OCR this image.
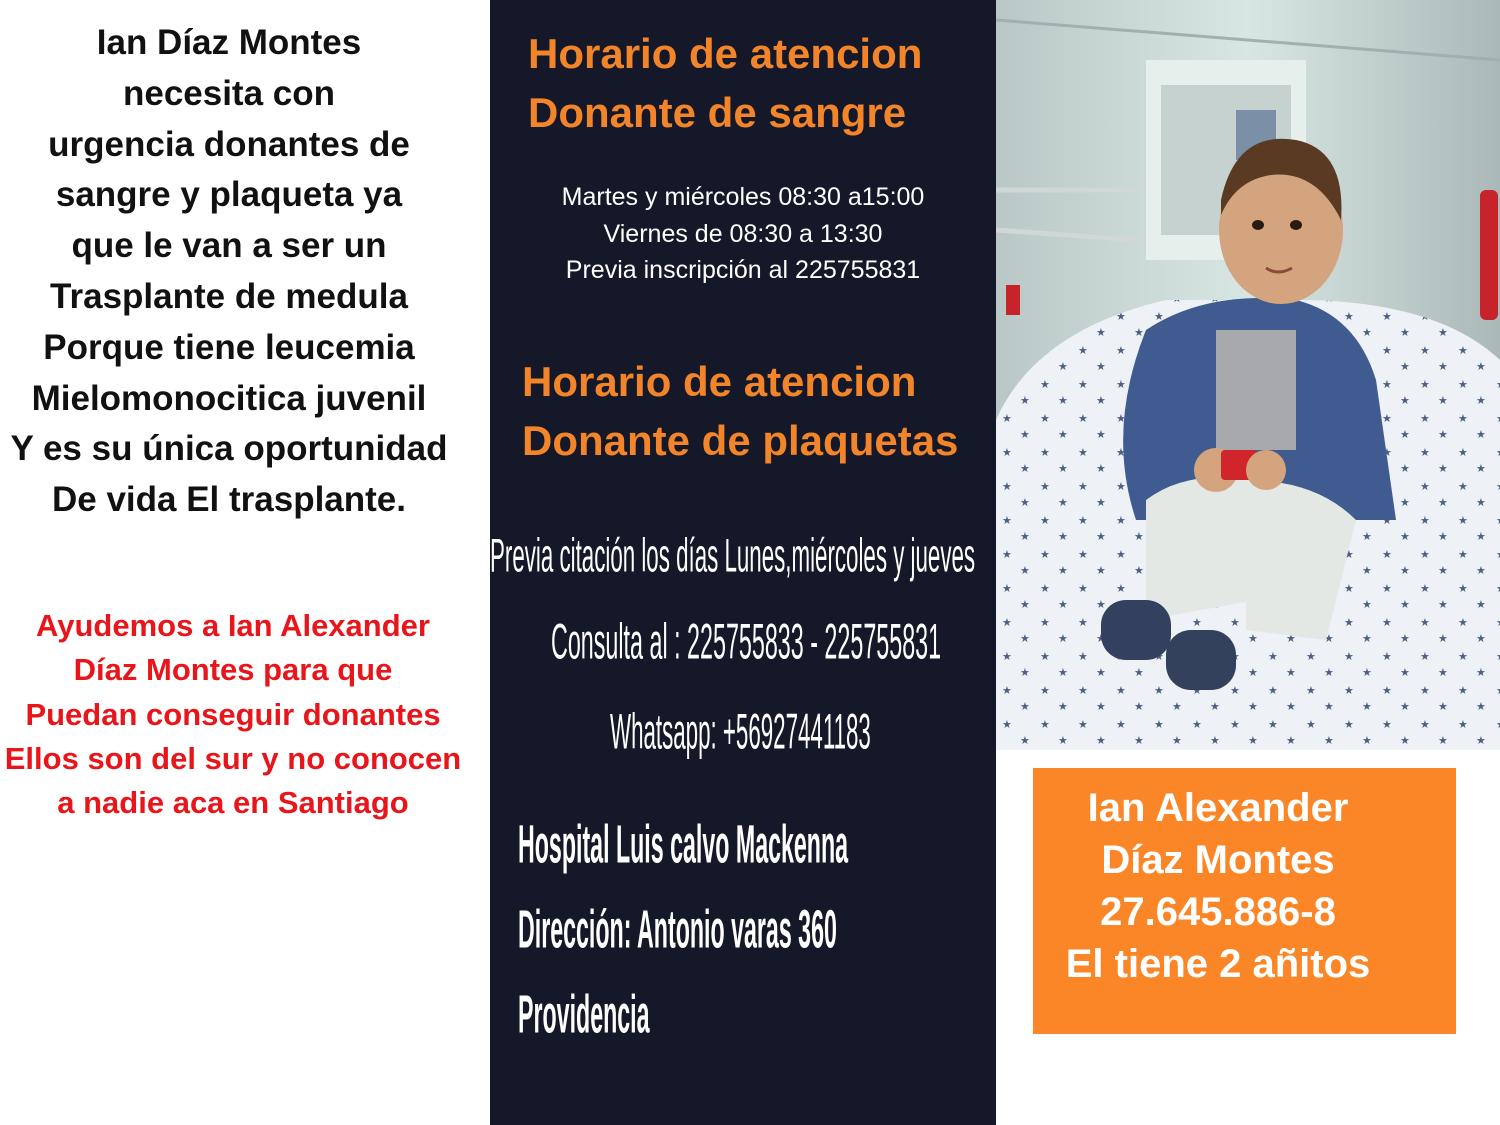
Ian Díaz Montes
necesita con
urgencia donantes de
sangre y plaqueta ya
que le van a ser un
Trasplante de medula
Porque tiene leucemia
Mielomonocitica juvenil
Y es su única oportunidad
De vida El trasplante.
Ayudemos a Ian Alexander
Díaz Montes para que
Puedan conseguir donantes
Ellos son del sur y no conocen
a nadie aca en Santiago
Horario de atencion
Donante de sangre
Martes y miércoles 08:30 a15:00
Viernes de 08:30 a 13:30
Previa inscripción al 225755831
Horario de atencion
Donante de plaquetas
Previa citación los días Lunes,miércoles y jueves
Consulta al : 225755833 - 225755831
Whatsapp: +56927441183
Hospital Luis calvo Mackenna
Dirección: Antonio varas 360
Providencia
Ian Alexander
Díaz Montes
27.645.886-8
El tiene 2 añitos
